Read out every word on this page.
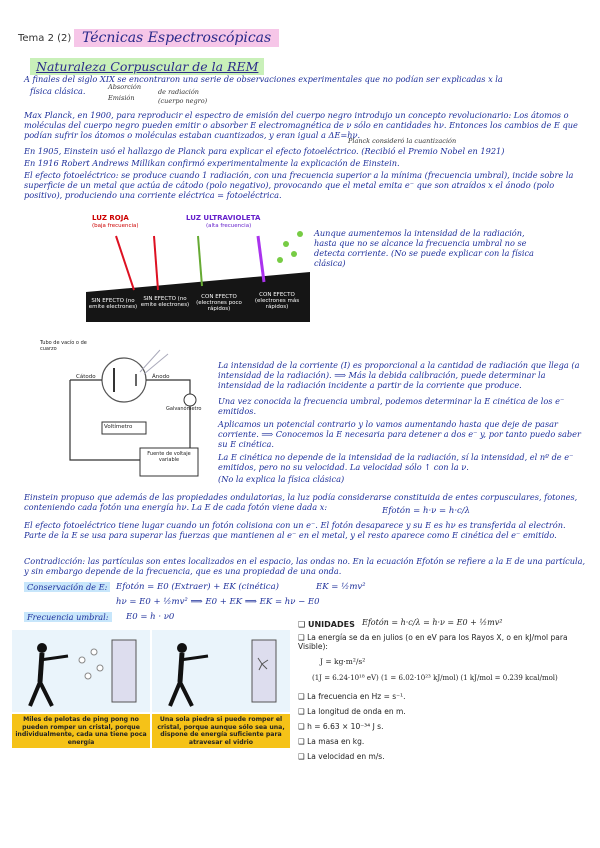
Tema 2 (2) Técnicas Espectroscópicas
Naturaleza Corpuscular de la REM
A finales del siglo XIX se encontraron una serie de observaciones experimentales que no podían ser explicadas x la
física clásica.	Absorción
Emisión
de radiación
(cuerpo negro)
Max Planck, en 1900, para reproducir el espectro de emisión del cuerpo negro introdujo un concepto revolucionario: Los átomos o moléculas del cuerpo negro pueden emitir o absorber E electromagnética de ν sólo en cantidades hν. Entonces los cambios de E que podían sufrir los átomos o moléculas estaban cuantizados, y eran igual a ΔE=hν.
Planck consideró la cuantización
En 1905, Einstein usó el hallazgo de Planck para explicar el efecto fotoeléctrico. (Recibió el Premio Nobel en 1921)
En 1916 Robert Andrews Millikan confirmó experimentalmente la explicación de Einstein.
El efecto fotoeléctrico: se produce cuando 1 radiación, con una frecuencia superior a la mínima (frecuencia umbral), incide sobre la superficie de un metal que actúa de cátodo (polo negativo), provocando que el metal emita e⁻ que son atraídos x el ánodo (polo positivo), produciendo una corriente eléctrica = fotoeléctrica.
LUZ ROJA
(baja frecuencia)
LUZ ULTRAVIOLETA
(alta frecuencia)
SIN EFECTO (no emite electrones)
SIN EFECTO (no emite electrones)
CON EFECTO (electrones poco rápidos)
CON EFECTO (electrones más rápidos)
Aunque aumentemos la intensidad de la radiación, hasta que no se alcance la frecuencia umbral no se detecta corriente. (No se puede explicar con la física clásica)
Tubo de vacío o de cuarzo
Cátodo	Ánodo
Galvanómetro
Voltímetro
Fuente de voltaje variable
La intensidad de la corriente (I) es proporcional a la cantidad de radiación que llega (a intensidad de la radiación). ⟹ Más la debida calibración, puede determinar la intensidad de la radiación incidente a partir de la corriente que produce.
Una vez conocida la frecuencia umbral, podemos determinar la E cinética de los e⁻ emitidos.
Aplicamos un potencial contrario y lo vamos aumentando hasta que deje de pasar corriente. ⟹ Conocemos la E necesaria para detener a dos e⁻ y, por tanto puedo saber su E cinética.
La E cinética no depende de la intensidad de la radiación, sí la intensidad, el nº de e⁻ emitidos, pero no su velocidad. La velocidad sólo ↑ con la ν.
(No la explica la física clásica)
Einstein propuso que además de las propiedades ondulatorias, la luz podía considerarse constituida de entes corpusculares, fotones, conteniendo cada fotón una energía hν. La E de cada fotón viene dada x:	Efotón = h·ν = h·c/λ
El efecto fotoeléctrico tiene lugar cuando un fotón colisiona con un e⁻. El fotón desaparece y su E es hν es transferida al electrón. Parte de la E se usa para superar las fuerzas que mantienen al e⁻ en el metal, y el resto aparece como E cinética del e⁻ emitido.
Contradicción: las partículas son entes localizados en el espacio, las ondas no. En la ecuación Efotón se refiere a la E de una partícula, y sin embargo depende de la frecuencia, que es una propiedad de una onda.
Conservación de E:	Efotón = E0 (Extraer) + EK (cinética)	EK = ½mv²
hν = E0 + ½mv² ⟹ E0 + EK ⟹ EK = hν − E0
Frecuencia umbral:	E0 = h · ν0
Miles de pelotas de ping pong no pueden romper un cristal, porque individualmente, cada una tiene poca energía
Una sola piedra si puede romper el cristal, porque aunque sólo sea una, dispone de energía suficiente para atravesar el vidrio
❑ UNIDADES Efotón = h·c/λ = h·ν = E0 + ½mv²
❑ La energía se da en julios (o en eV para los Rayos X, o en kJ/mol para Visible):
J = kg·m²/s²
(1J = 6.24·10¹⁸ eV) (1 = 6.02·10²³ kJ/mol) (1 kJ/mol = 0.239 kcal/mol)
❑ La frecuencia en Hz = s⁻¹.
❑ La longitud de onda en m.
❑ h = 6.63 × 10⁻³⁴ J s.
❑ La masa en kg.
❑ La velocidad en m/s.
